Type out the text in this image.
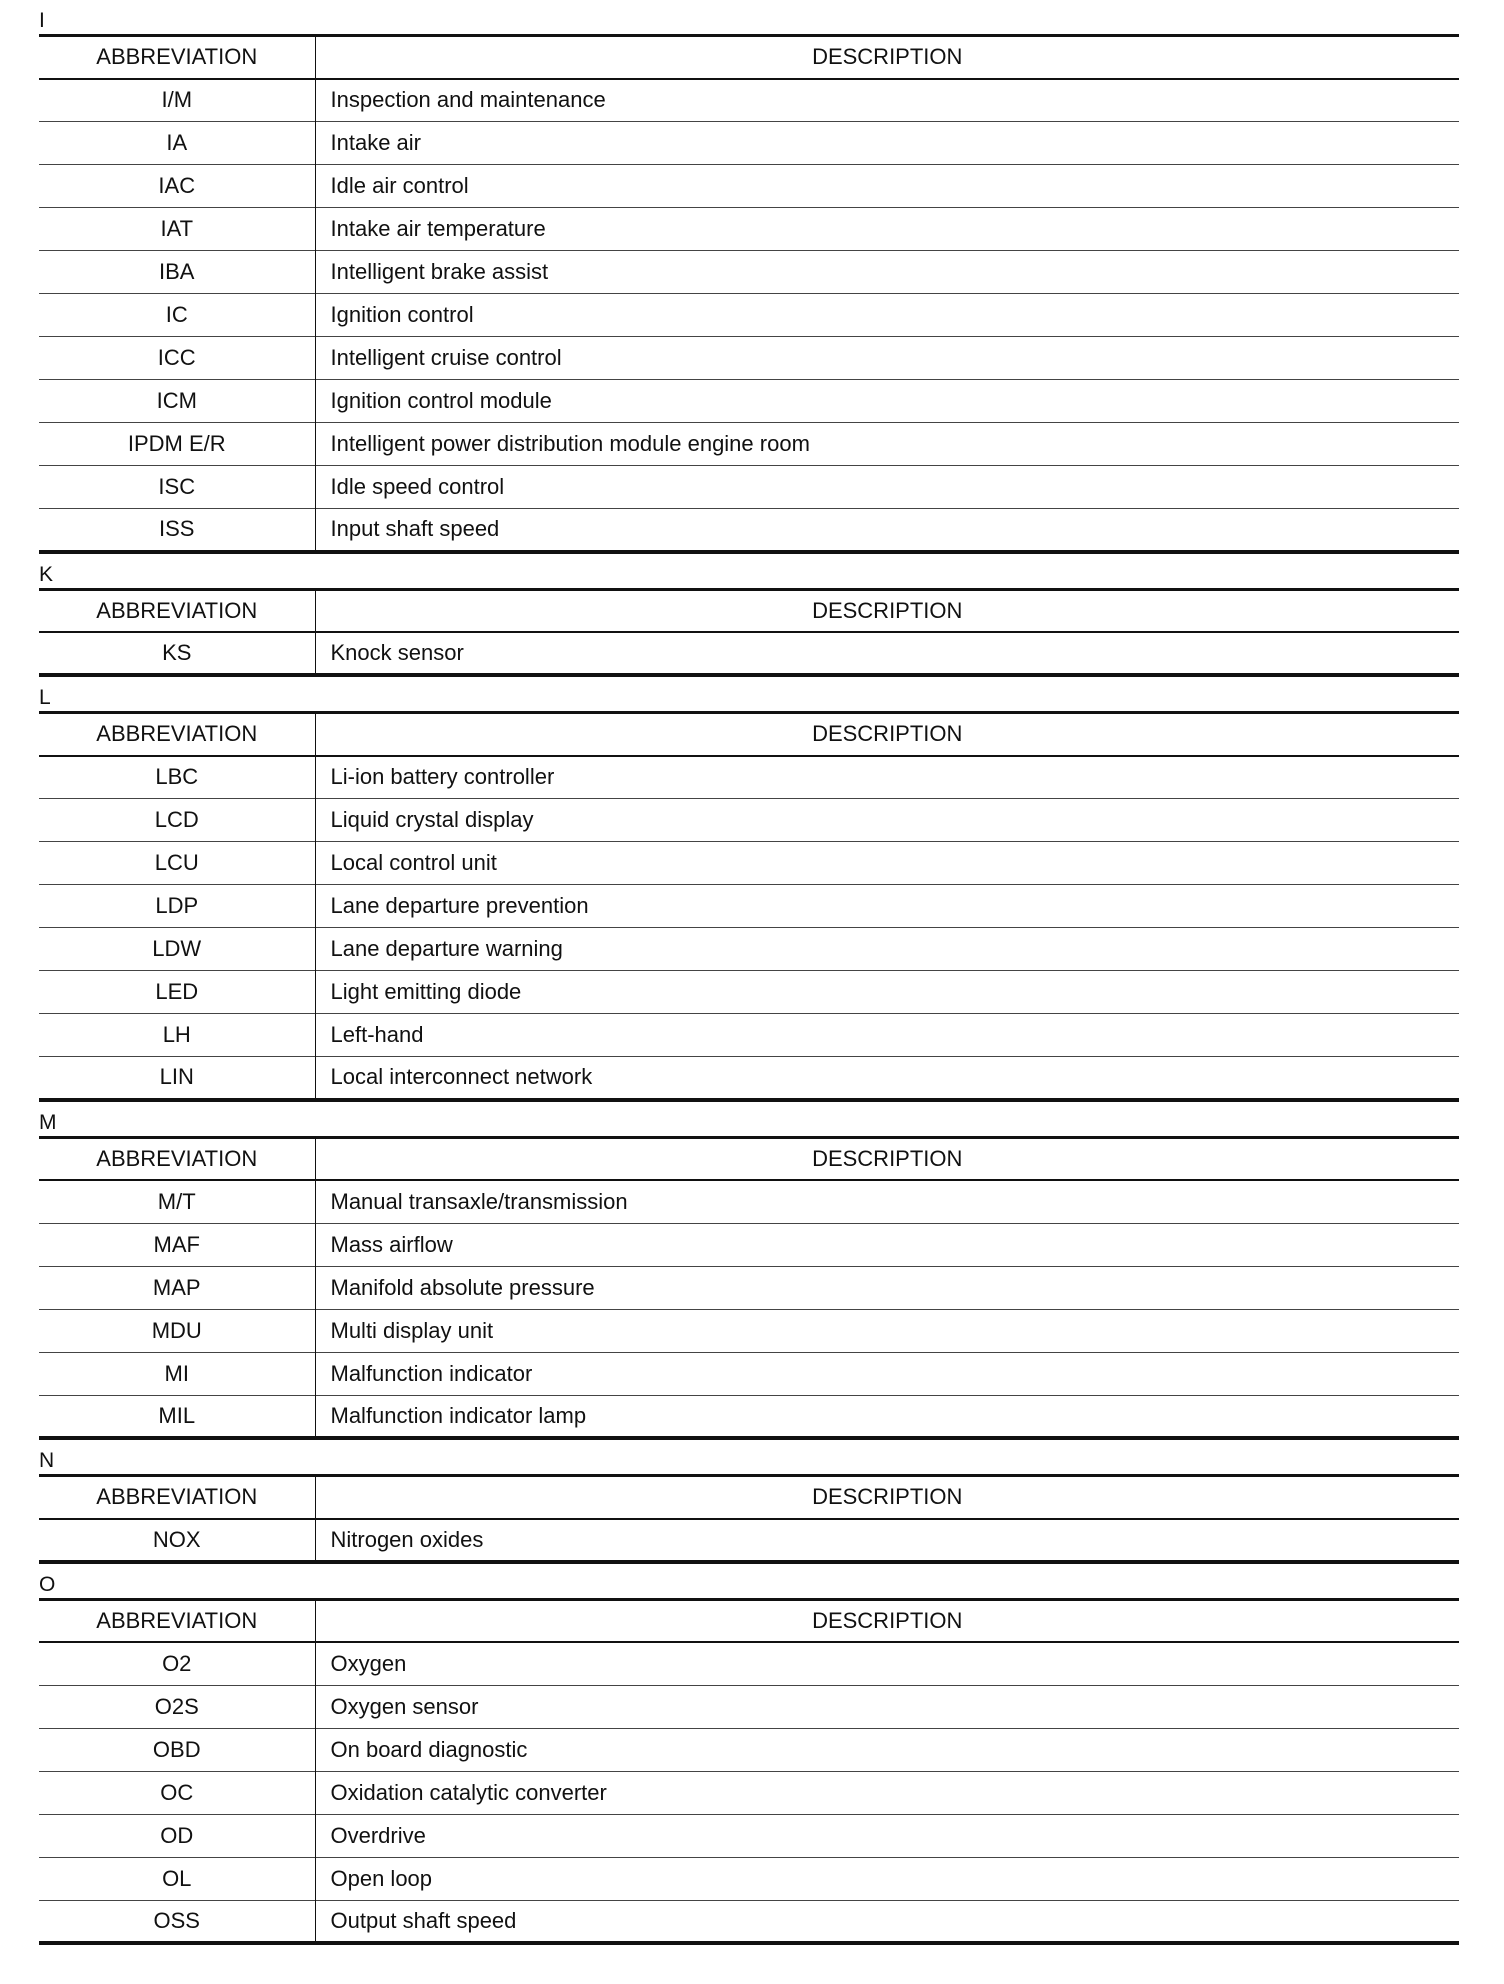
I
ABBREVIATION	DESCRIPTION
I/M	Inspection and maintenance
IA	Intake air
IAC	Idle air control
IAT	Intake air temperature
IBA	Intelligent brake assist
IC	Ignition control
ICC	Intelligent cruise control
ICM	Ignition control module
IPDM E/R	Intelligent power distribution module engine room
ISC	Idle speed control
ISS	Input shaft speed
K
ABBREVIATION	DESCRIPTION
KS	Knock sensor
L
ABBREVIATION	DESCRIPTION
LBC	Li-ion battery controller
LCD	Liquid crystal display
LCU	Local control unit
LDP	Lane departure prevention
LDW	Lane departure warning
LED	Light emitting diode
LH	Left-hand
LIN	Local interconnect network
M
ABBREVIATION	DESCRIPTION
M/T	Manual transaxle/transmission
MAF	Mass airflow
MAP	Manifold absolute pressure
MDU	Multi display unit
MI	Malfunction indicator
MIL	Malfunction indicator lamp
N
ABBREVIATION	DESCRIPTION
NOX	Nitrogen oxides
O
ABBREVIATION	DESCRIPTION
O2	Oxygen
O2S	Oxygen sensor
OBD	On board diagnostic
OC	Oxidation catalytic converter
OD	Overdrive
OL	Open loop
OSS	Output shaft speed
